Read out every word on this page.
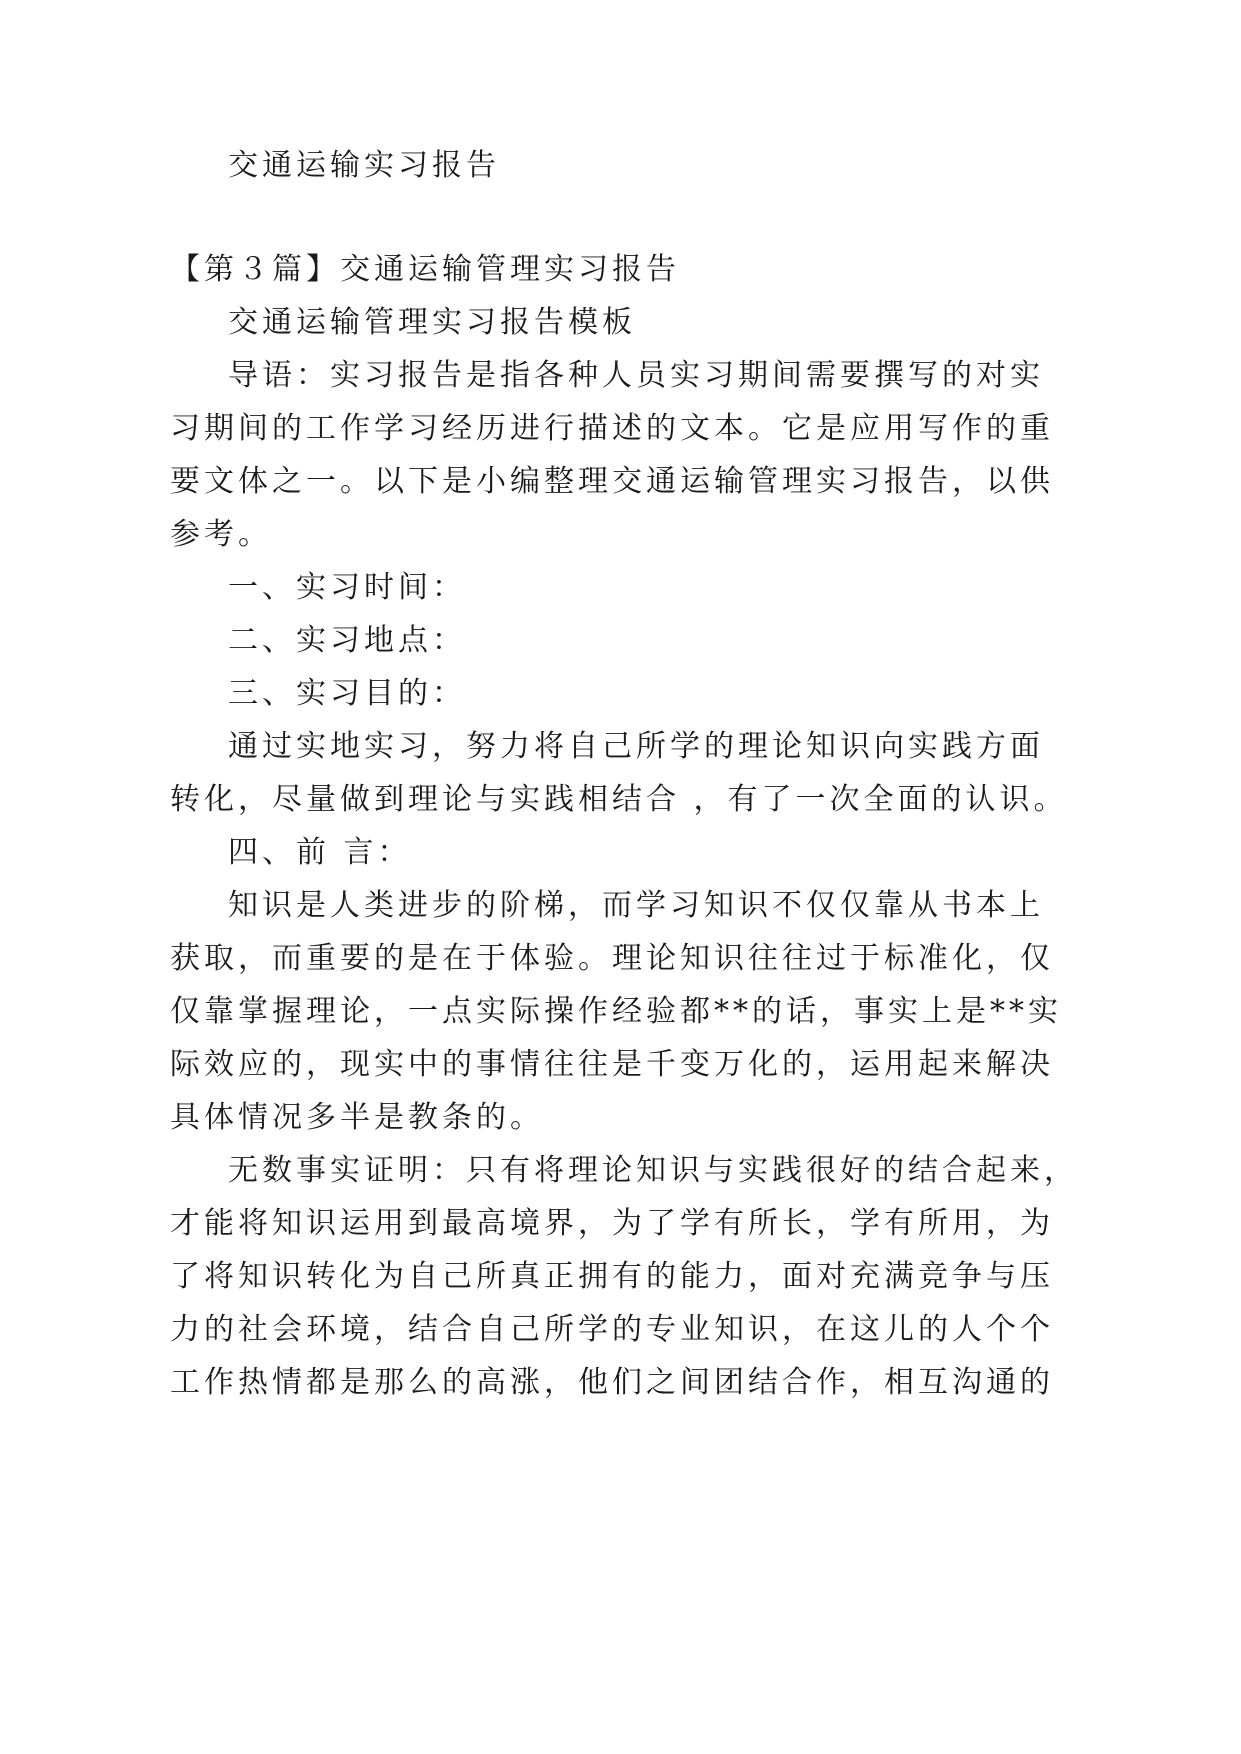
交通运输实习报告
【第３篇】交通运输管理实习报告
交通运输管理实习报告模板
导语：实习报告是指各种人员实习期间需要撰写的对实
习期间的工作学习经历进行描述的文本。它是应用写作的重
要文体之一。以下是小编整理交通运输管理实习报告，以供
参考。
一、实习时间：
二、实习地点：
三、实习目的：
通过实地实习，努力将自己所学的理论知识向实践方面
转化，尽量做到理论与实践相结合 ，有了一次全面的认识。
四、前 言：
知识是人类进步的阶梯，而学习知识不仅仅靠从书本上
获取，而重要的是在于体验。理论知识往往过于标准化，仅
仅靠掌握理论，一点实际操作经验都**的话，事实上是**实
际效应的，现实中的事情往往是千变万化的，运用起来解决
具体情况多半是教条的。
无数事实证明：只有将理论知识与实践很好的结合起来，
才能将知识运用到最高境界，为了学有所长，学有所用，为
了将知识转化为自己所真正拥有的能力，面对充满竞争与压
力的社会环境，结合自己所学的专业知识，在这儿的人个个
工作热情都是那么的高涨，他们之间团结合作，相互沟通的
